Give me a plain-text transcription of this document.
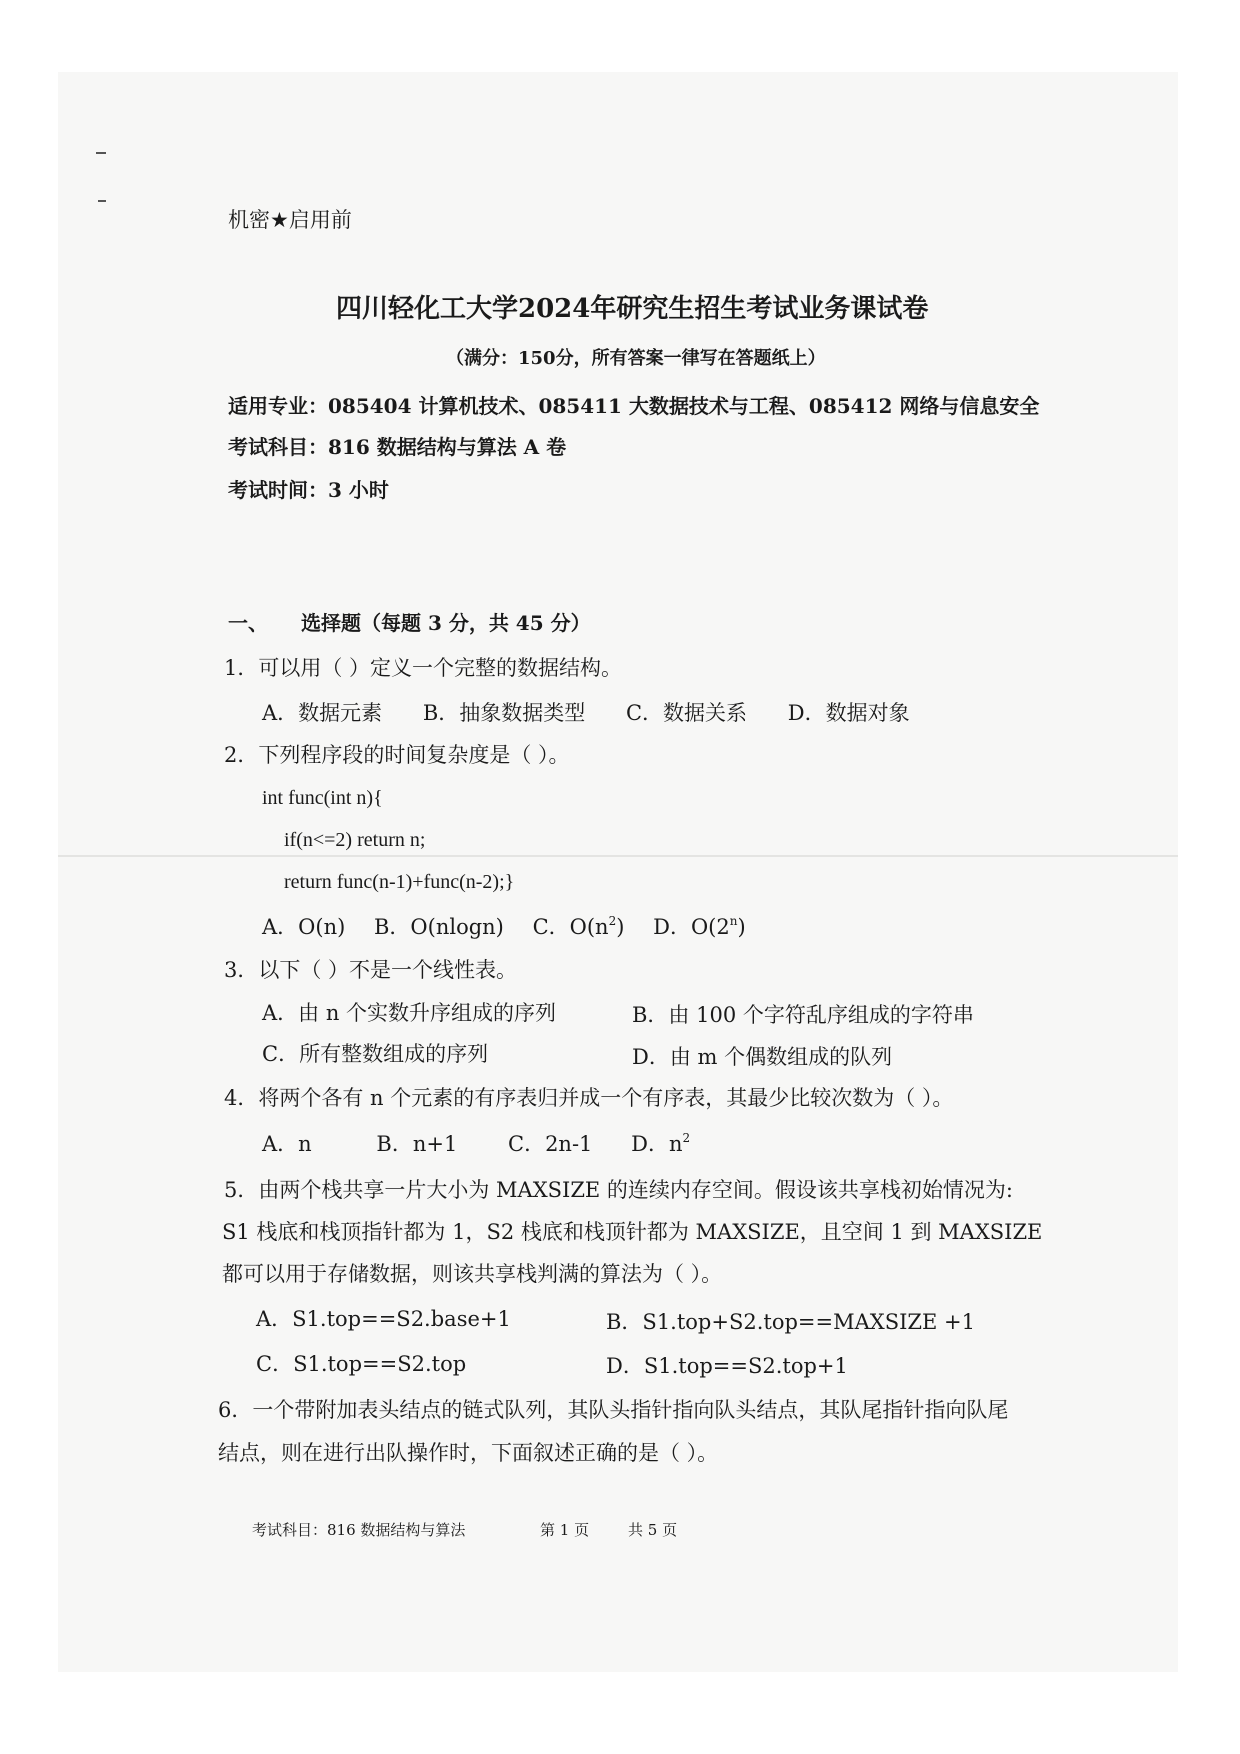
机密★启用前
四川轻化工大学2024年研究生招生考试业务课试卷
（满分：150分，所有答案一律写在答题纸上）
适用专业：085404 计算机技术、085411 大数据技术与工程、085412 网络与信息安全
考试科目：816 数据结构与算法 A 卷
考试时间：3 小时
一、 选择题（每题 3 分，共 45 分）
1．可以用（ ）定义一个完整的数据结构。
A．数据元素 B．抽象数据类型 C．数据关系 D．数据对象
2．下列程序段的时间复杂度是（ ）。
int func(int n){
if(n<=2) return n;
return func(n-1)+func(n-2);}
A．O(n) B．O(nlogn) C．$O(n^2)$ D．O(2$^n$)
3．以下（ ）不是一个线性表。
A．由 n 个实数升序组成的序列	B．由 100 个字符乱序组成的字符串
C．所有整数组成的序列	D．由 m 个偶数组成的队列
4．将两个各有 n 个元素的有序表归并成一个有序表，其最少比较次数为（ ）。
A．n	B．n+1 C．2n-1 D．$n^2$
5．由两个栈共享一片大小为 MAXSIZE 的连续内存空间。假设该共享栈初始情况为:
S1 栈底和栈顶指针都为 1，S2 栈底和栈顶针都为 MAXSIZE，且空间 1 到 MAXSIZE
都可以用于存储数据，则该共享栈判满的算法为（ ）。
A．S1.top==S2.base+1	B．S1.top+S2.top==MAXSIZE +1
C．S1.top==S2.top	D．S1.top==S2.top+1
6．一个带附加表头结点的链式队列，其队头指针指向队头结点，其队尾指针指向队尾
结点，则在进行出队操作时，下面叙述正确的是（ ）。
考试科目：816 数据结构与算法	第 1 页	共 5 页
